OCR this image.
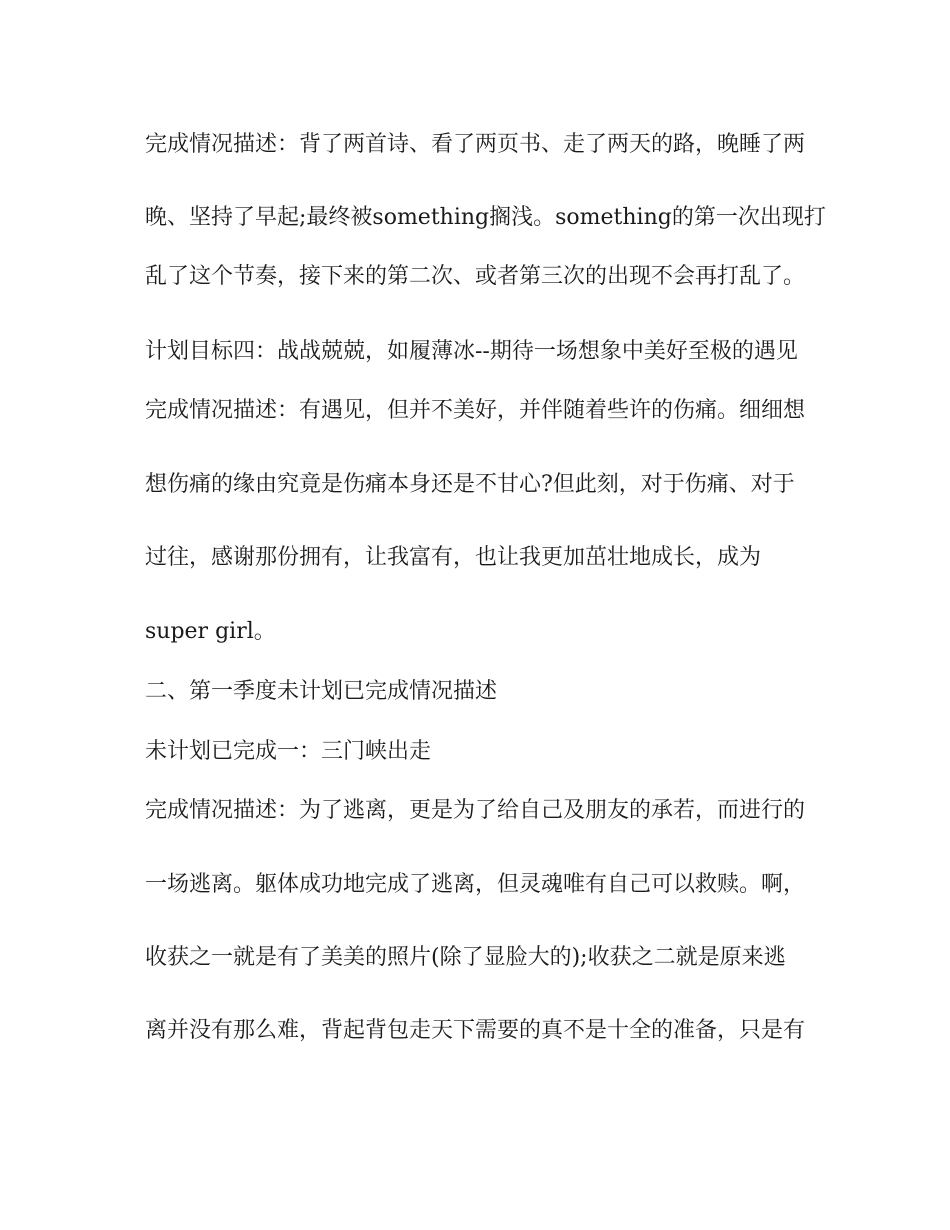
完成情况描述：背了两首诗、看了两页书、走了两天的路，晚睡了两
晚、坚持了早起;最终被something搁浅。something的第一次出现打
乱了这个节奏，接下来的第二次、或者第三次的出现不会再打乱了。
计划目标四：战战兢兢，如履薄冰--期待一场想象中美好至极的遇见
完成情况描述：有遇见，但并不美好，并伴随着些许的伤痛。细细想
想伤痛的缘由究竟是伤痛本身还是不甘心?但此刻，对于伤痛、对于
过往，感谢那份拥有，让我富有，也让我更加茁壮地成长，成为
super girl。
二、第一季度未计划已完成情况描述
未计划已完成一：三门峡出走
完成情况描述：为了逃离，更是为了给自己及朋友的承若，而进行的
一场逃离。躯体成功地完成了逃离，但灵魂唯有自己可以救赎。啊，
收获之一就是有了美美的照片(除了显脸大的);收获之二就是原来逃
离并没有那么难，背起背包走天下需要的真不是十全的准备，只是有
